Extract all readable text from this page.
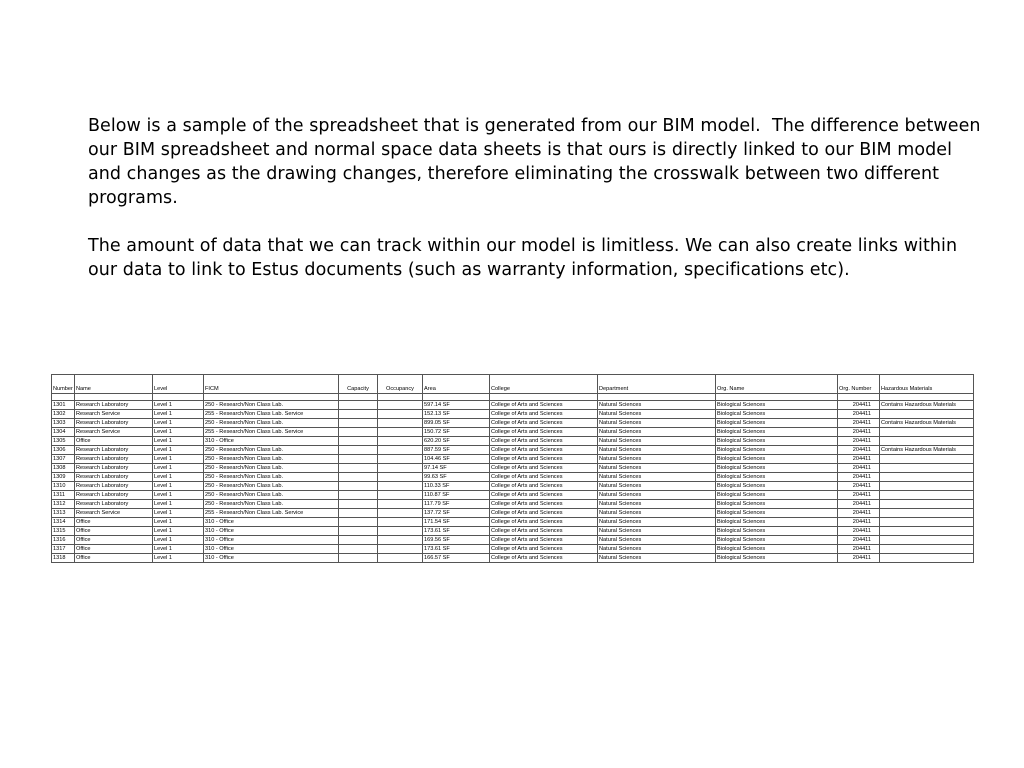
Below is a sample of the spreadsheet that is generated from our BIM model.  The difference between our BIM spreadsheet and normal space data sheets is that ours is directly linked to our BIM model and changes as the drawing changes, therefore eliminating the crosswalk between two different programs.

The amount of data that we can track within our model is limitless. We can also create links within our data to link to Estus documents (such as warranty information, specifications etc).

Number	Name	Level	FICM	Capacity	Occupancy	Area	College	Department	Org. Name	Org. Number	Hazardous Materials

1301	Research Laboratory	Level 1	250 - Research/Non Class Lab.			597.14 SF	College of Arts and Sciences	Natural Sciences	Biological Sciences	204411	Contains Hazardous Materials
1302	Research Service	Level 1	255 - Research/Non Class Lab. Service			152.13 SF	College of Arts and Sciences	Natural Sciences	Biological Sciences	204411	
1303	Research Laboratory	Level 1	250 - Research/Non Class Lab.			899.05 SF	College of Arts and Sciences	Natural Sciences	Biological Sciences	204411	Contains Hazardous Materials
1304	Research Service	Level 1	255 - Research/Non Class Lab. Service			150.72 SF	College of Arts and Sciences	Natural Sciences	Biological Sciences	204411	
1305	Office	Level 1	310 - Office			620.20 SF	College of Arts and Sciences	Natural Sciences	Biological Sciences	204411	
1306	Research Laboratory	Level 1	250 - Research/Non Class Lab.			887.59 SF	College of Arts and Sciences	Natural Sciences	Biological Sciences	204411	Contains Hazardous Materials
1307	Research Laboratory	Level 1	250 - Research/Non Class Lab.			104.46 SF	College of Arts and Sciences	Natural Sciences	Biological Sciences	204411	
1308	Research Laboratory	Level 1	250 - Research/Non Class Lab.			97.14 SF	College of Arts and Sciences	Natural Sciences	Biological Sciences	204411	
1309	Research Laboratory	Level 1	250 - Research/Non Class Lab.			99.63 SF	College of Arts and Sciences	Natural Sciences	Biological Sciences	204411	
1310	Research Laboratory	Level 1	250 - Research/Non Class Lab.			110.33 SF	College of Arts and Sciences	Natural Sciences	Biological Sciences	204411	
1311	Research Laboratory	Level 1	250 - Research/Non Class Lab.			110.87 SF	College of Arts and Sciences	Natural Sciences	Biological Sciences	204411	
1312	Research Laboratory	Level 1	250 - Research/Non Class Lab.			117.79 SF	College of Arts and Sciences	Natural Sciences	Biological Sciences	204411	
1313	Research Service	Level 1	255 - Research/Non Class Lab. Service			137.72 SF	College of Arts and Sciences	Natural Sciences	Biological Sciences	204411	
1314	Office	Level 1	310 - Office			171.54 SF	College of Arts and Sciences	Natural Sciences	Biological Sciences	204411	
1315	Office	Level 1	310 - Office			173.61 SF	College of Arts and Sciences	Natural Sciences	Biological Sciences	204411	
1316	Office	Level 1	310 - Office			169.56 SF	College of Arts and Sciences	Natural Sciences	Biological Sciences	204411	
1317	Office	Level 1	310 - Office			173.61 SF	College of Arts and Sciences	Natural Sciences	Biological Sciences	204411	
1318	Office	Level 1	310 - Office			166.57 SF	College of Arts and Sciences	Natural Sciences	Biological Sciences	204411	
